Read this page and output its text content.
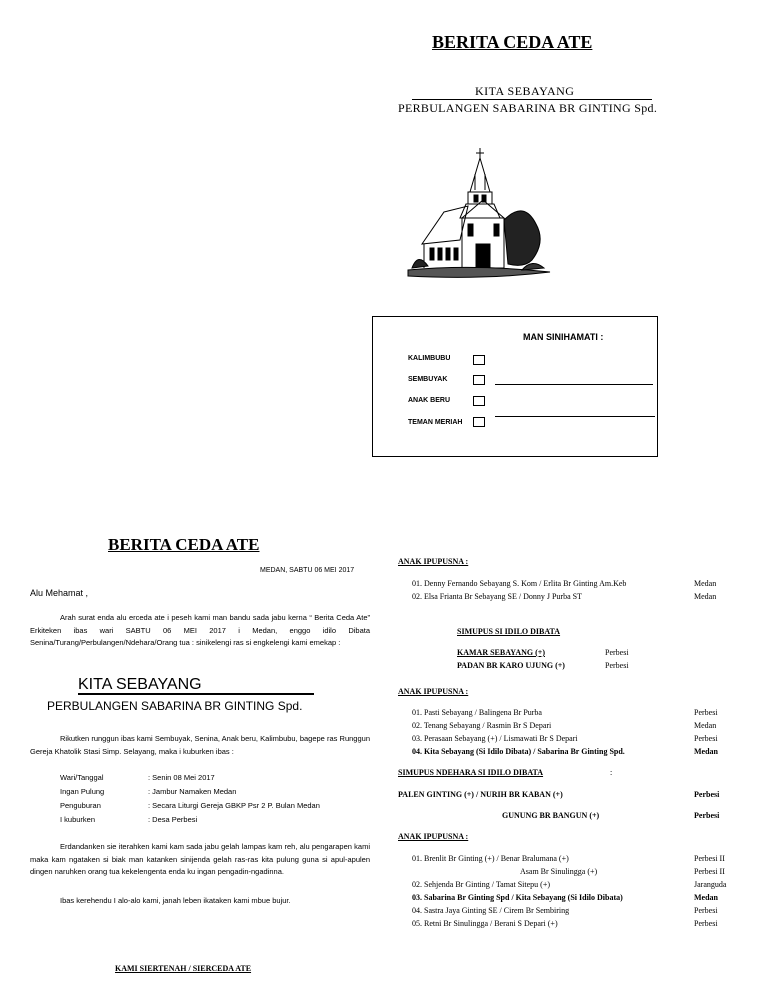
BERITA CEDA ATE
KITA SEBAYANG
PERBULANGEN SABARINA BR GINTING Spd.
MAN SINIHAMATI :
KALIMBUBU
SEMBUYAK
ANAK BERU
TEMAN MERIAH
BERITA CEDA ATE
MEDAN, SABTU 06 MEI 2017
Alu Mehamat ,
Arah surat enda alu erceda ate i peseh kami man bandu sada jabu kerna “ Berita Ceda Ate” Erkiteken ibas wari SABTU 06 MEI 2017 i Medan, enggo idilo Dibata Senina/Turang/Perbulangen/Ndehara/Orang tua : sinikelengi ras si engkelengi kami emekap :
KITA SEBAYANG
PERBULANGEN SABARINA BR GINTING Spd.
Rikutken runggun ibas kami Sembuyak, Senina, Anak beru, Kalimbubu, bagepe ras Runggun Gereja Khatolik Stasi Simp. Selayang, maka i kuburken ibas :
Wari/Tanggal	: Senin 08 Mei 2017
Ingan Pulung	: Jambur Namaken Medan
Penguburan	: Secara Liturgi Gereja GBKP Psr 2 P. Bulan Medan
I kuburken	: Desa Perbesi
Erdandanken sie iterahken kami kam sada jabu gelah lampas kam reh, alu pengarapen kami maka kam ngataken si biak man katanken sinijenda gelah ras-ras kita pulung guna si apul-apulen dingen naruhken orang tua kekelengenta enda ku ingan pengadin-ngadinna.
Ibas kerehendu I alo-alo kami, janah leben ikataken kami mbue bujur.
KAMI SIERTENAH / SIERCEDA ATE
ANAK IPUPUSNA :
01. Denny Fernando Sebayang S. Kom / Erlita Br Ginting Am.Keb	Medan
02. Elsa Frianta Br Sebayang SE / Donny J Purba ST	Medan
SIMUPUS SI IDILO DIBATA
KAMAR SEBAYANG (+)	Perbesi
PADAN BR KARO UJUNG (+)	Perbesi
ANAK IPUPUSNA :
01. Pasti Sebayang / Balingena Br Purba	Perbesi
02. Tenang Sebayang / Rasmin Br S Depari	Medan
03. Perasaan Sebayang (+) / Lismawati Br S Depari	Perbesi
04. Kita Sebayang (Si Idilo Dibata) / Sabarina Br Ginting Spd.	Medan
SIMUPUS NDEHARA SI IDILO DIBATA	:
PALEN GINTING (+) / NURIH BR KABAN (+)	Perbesi
GUNUNG BR BANGUN (+)	Perbesi
ANAK IPUPUSNA :
01. Brenlit Br Ginting (+) / Benar Bralumana (+)	Perbesi II
Asam Br Sinulingga (+)	Perbesi II
02. Sehjenda Br Ginting / Tamat Sitepu (+)	Jaranguda
03. Sabarina Br Ginting Spd / Kita Sebayang (Si Idilo Dibata)	Medan
04. Sastra Jaya Ginting SE / Cirem Br Sembiring	Perbesi
05. Retni Br Sinulingga / Berani S Depari (+)	Perbesi
